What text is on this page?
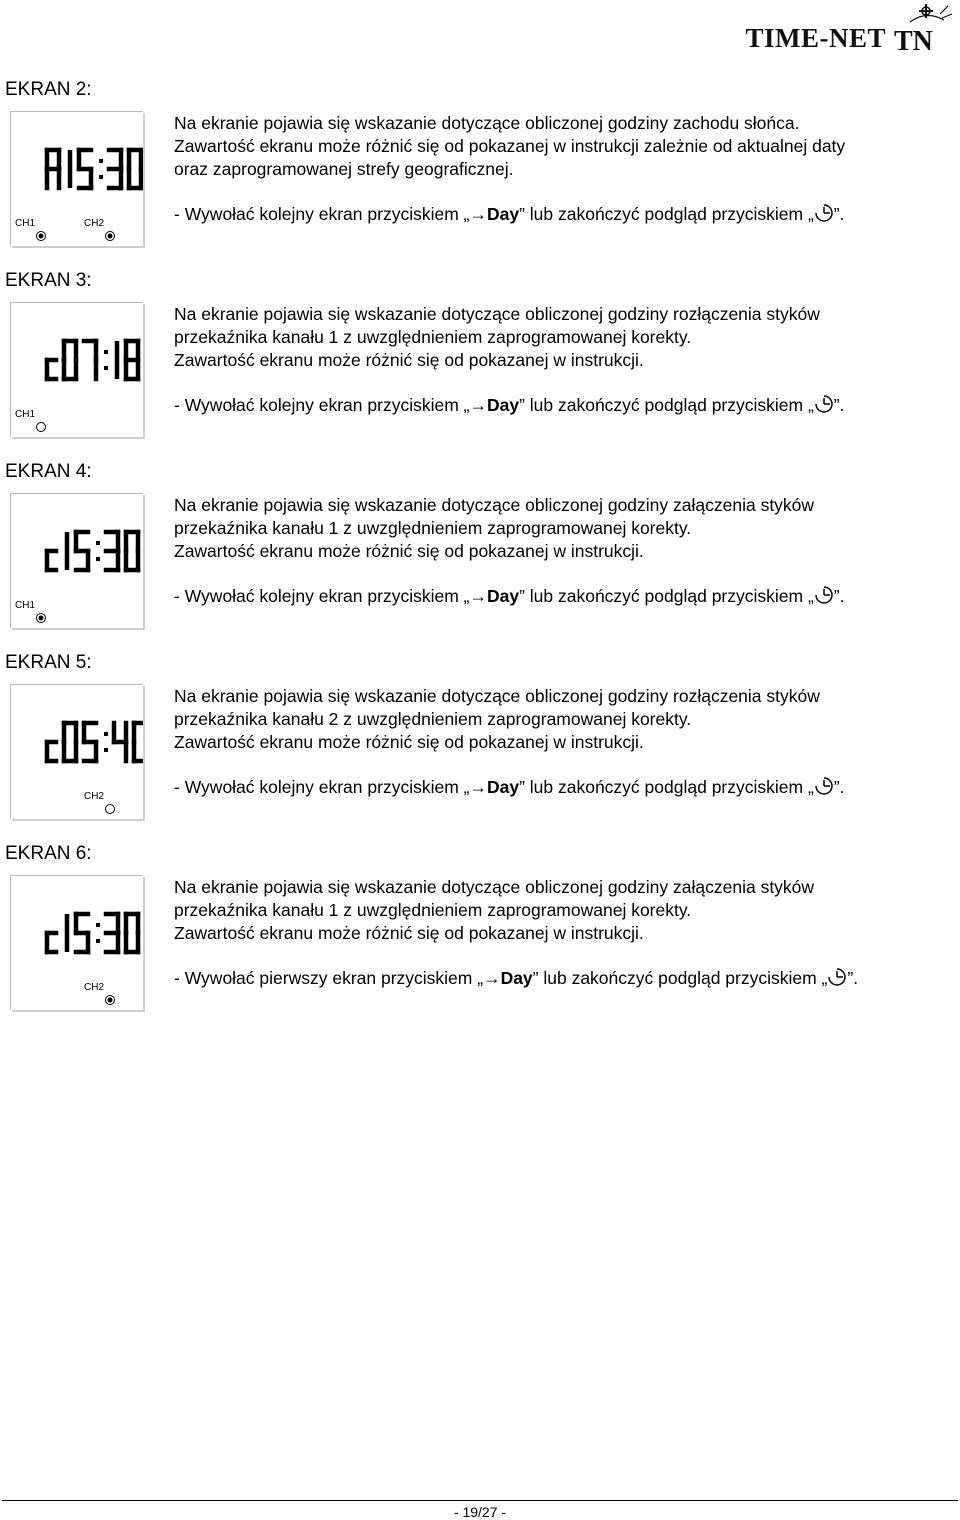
TIME-NET TN
EKRAN 2:
CH1	CH2

Na ekranie pojawia się wskazanie dotyczące obliczonej godziny zachodu słońca.

Zawartość ekranu może różnić się od pokazanej w instrukcji zależnie od aktualnej daty

oraz zaprogramowanej strefy geograficznej.

- Wywołać kolejny ekran przyciskiem „→Day” lub zakończyć podgląd przyciskiem „ ”.
EKRAN 3:
CH1

Na ekranie pojawia się wskazanie dotyczące obliczonej godziny rozłączenia styków

przekaźnika kanału 1 z uwzględnieniem zaprogramowanej korekty.

Zawartość ekranu może różnić się od pokazanej w instrukcji.

- Wywołać kolejny ekran przyciskiem „→Day” lub zakończyć podgląd przyciskiem „ ”.
EKRAN 4:
CH1

Na ekranie pojawia się wskazanie dotyczące obliczonej godziny załączenia styków

przekaźnika kanału 1 z uwzględnieniem zaprogramowanej korekty.

Zawartość ekranu może różnić się od pokazanej w instrukcji.

- Wywołać kolejny ekran przyciskiem „→Day” lub zakończyć podgląd przyciskiem „ ”.
EKRAN 5:
CH2

Na ekranie pojawia się wskazanie dotyczące obliczonej godziny rozłączenia styków

przekaźnika kanału 2 z uwzględnieniem zaprogramowanej korekty.

Zawartość ekranu może różnić się od pokazanej w instrukcji.

- Wywołać kolejny ekran przyciskiem „→Day” lub zakończyć podgląd przyciskiem „ ”.
EKRAN 6:
CH2

Na ekranie pojawia się wskazanie dotyczące obliczonej godziny załączenia styków

przekaźnika kanału 1 z uwzględnieniem zaprogramowanej korekty.

Zawartość ekranu może różnić się od pokazanej w instrukcji.

- Wywołać pierwszy ekran przyciskiem „→Day” lub zakończyć podgląd przyciskiem „ ”.
- 19/27 -
